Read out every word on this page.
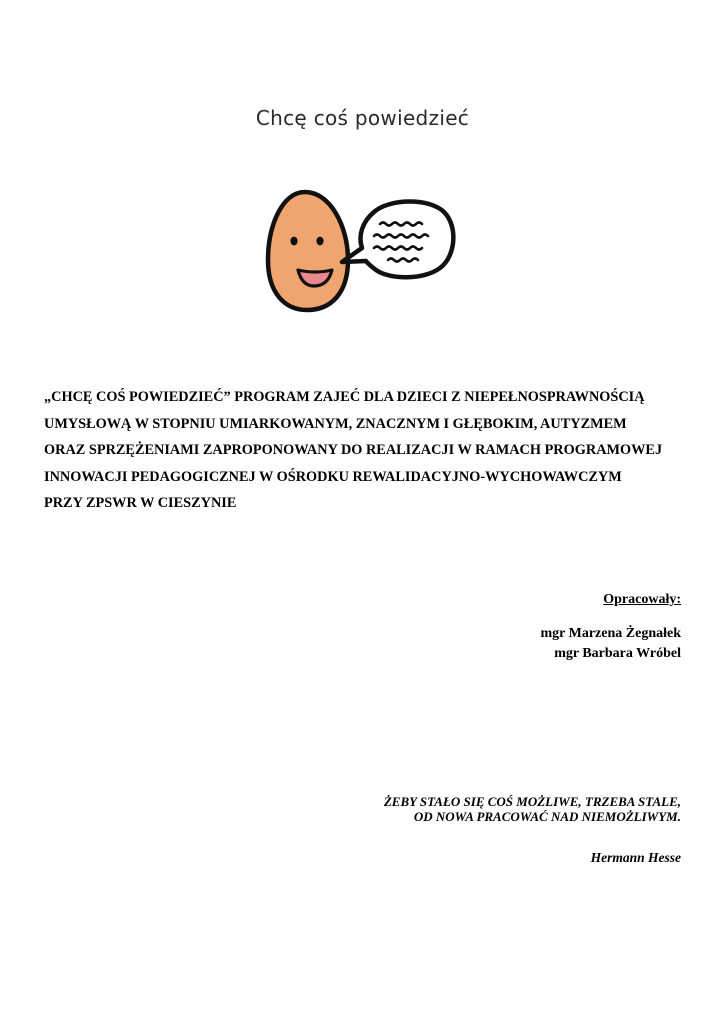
Chcę coś powiedzieć

„CHCĘ COŚ POWIEDZIEĆ” PROGRAM ZAJEĆ DLA DZIECI Z NIEPEŁNOSPRAWNOŚCIĄ
UMYSŁOWĄ W STOPNIU UMIARKOWANYM, ZNACZNYM I GŁĘBOKIM, AUTYZMEM
ORAZ SPRZĘŻENIAMI ZAPROPONOWANY DO REALIZACJI W RAMACH PROGRAMOWEJ
INNOWACJI PEDAGOGICZNEJ W OŚRODKU REWALIDACYJNO-WYCHOWAWCZYM
PRZY ZPSWR W CIESZYNIE

Opracowały:
mgr Marzena Żegnałek
mgr Barbara Wróbel
ŻEBY STAŁO SIĘ COŚ MOŻLIWE, TRZEBA STALE,
OD NOWA PRACOWAĆ NAD NIEMOŻLIWYM.
Hermann Hesse
